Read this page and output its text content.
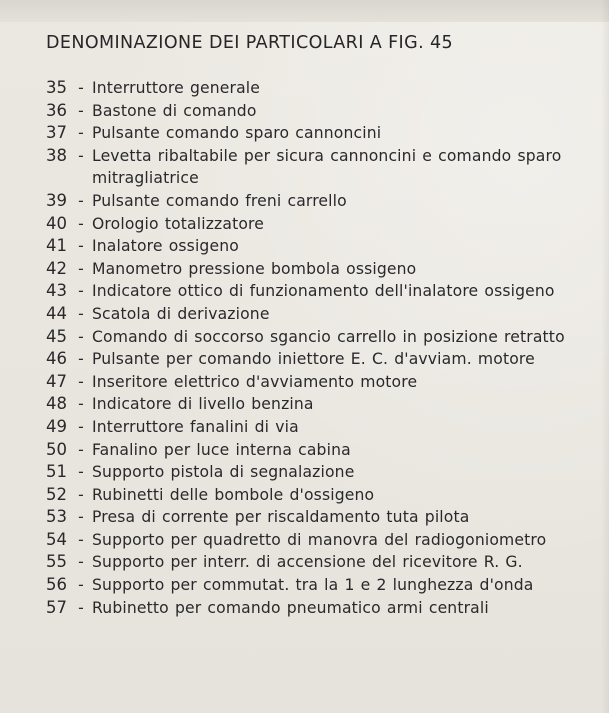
DENOMINAZIONE DEI PARTICOLARI A FIG. 45
35 - Interruttore generale
36 - Bastone di comando
37 - Pulsante comando sparo cannoncini
38 - Levetta ribaltabile per sicura cannoncini e comando sparo mitragliatrice
39 - Pulsante comando freni carrello
40 - Orologio totalizzatore
41 - Inalatore ossigeno
42 - Manometro pressione bombola ossigeno
43 - Indicatore ottico di funzionamento dell'inalatore ossigeno
44 - Scatola di derivazione
45 - Comando di soccorso sgancio carrello in posizione retratto
46 - Pulsante per comando iniettore E. C. d'avviam. motore
47 - Inseritore elettrico d'avviamento motore
48 - Indicatore di livello benzina
49 - Interruttore fanalini di via
50 - Fanalino per luce interna cabina
51 - Supporto pistola di segnalazione
52 - Rubinetti delle bombole d'ossigeno
53 - Presa di corrente per riscaldamento tuta pilota
54 - Supporto per quadretto di manovra del radiogoniometro
55 - Supporto per interr. di accensione del ricevitore R. G.
56 - Supporto per commutat. tra la 1 e 2 lunghezza d'onda
57 - Rubinetto per comando pneumatico armi centrali
